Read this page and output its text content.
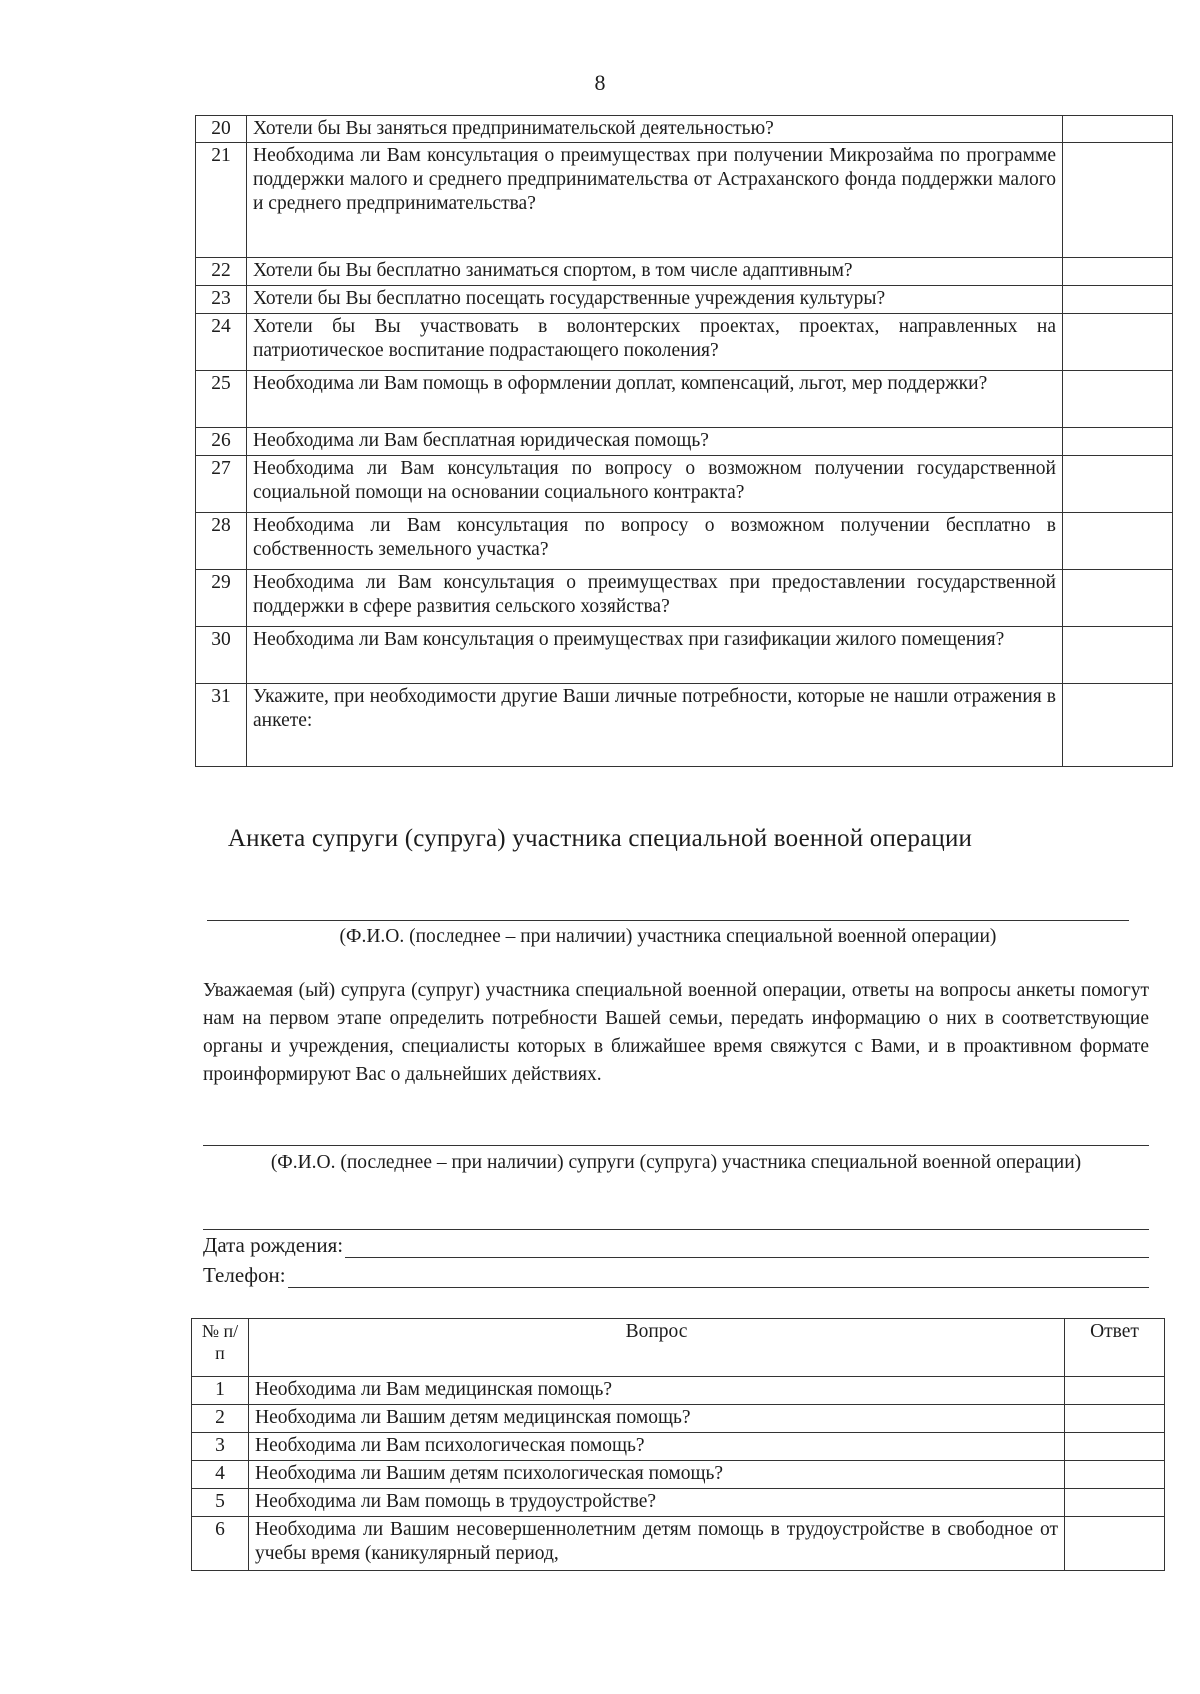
8
20	Хотели бы Вы заняться предпринимательской деятельностью?	
21	Необходима ли Вам консультация о преимуществах при получении Микрозайма по программе поддержки малого и среднего предпринимательства от Астраханского фонда поддержки малого и среднего предпринимательства?	
22	Хотели бы Вы бесплатно заниматься спортом, в том числе адаптивным?	
23	Хотели бы Вы бесплатно посещать государственные учреждения культуры?	
24	Хотели бы Вы участвовать в волонтерских проектах, проектах, направленных на патриотическое воспитание подрастающего поколения?	
25	Необходима ли Вам помощь в оформлении доплат, компенсаций, льгот, мер поддержки?	
26	Необходима ли Вам бесплатная юридическая помощь?	
27	Необходима ли Вам консультация по вопросу о возможном получении государственной социальной помощи на основании социального контракта?	
28	Необходима ли Вам консультация по вопросу о возможном получении бесплатно в собственность земельного участка?	
29	Необходима ли Вам консультация о преимуществах при предоставлении государственной поддержки в сфере развития сельского хозяйства?	
30	Необходима ли Вам консультация о преимуществах при газификации жилого помещения?	
31	Укажите, при необходимости другие Ваши личные потребности, которые не нашли отражения в анкете:	
Анкета супруги (супруга) участника специальной военной операции
(Ф.И.О. (последнее – при наличии) участника специальной военной операции)
Уважаемая (ый) супруга (супруг) участника специальной военной операции, ответы на вопросы анкеты помогут нам на первом этапе определить потребности Вашей семьи, передать информацию о них в соответствующие органы и учреждения, специалисты которых в ближайшее время свяжутся с Вами, и в проактивном формате проинформируют Вас о дальнейших действиях.
(Ф.И.О. (последнее – при наличии) супруги (супруга) участника специальной военной операции)
Дата рождения:
Телефон:
№ п/п	Вопрос	Ответ
1	Необходима ли Вам медицинская помощь?	
2	Необходима ли Вашим детям медицинская помощь?	
3	Необходима ли Вам психологическая помощь?	
4	Необходима ли Вашим детям психологическая помощь?	
5	Необходима ли Вам помощь в трудоустройстве?	
6	Необходима ли Вашим несовершеннолетним детям помощь в трудоустройстве в свободное от учебы время (каникулярный период,	
